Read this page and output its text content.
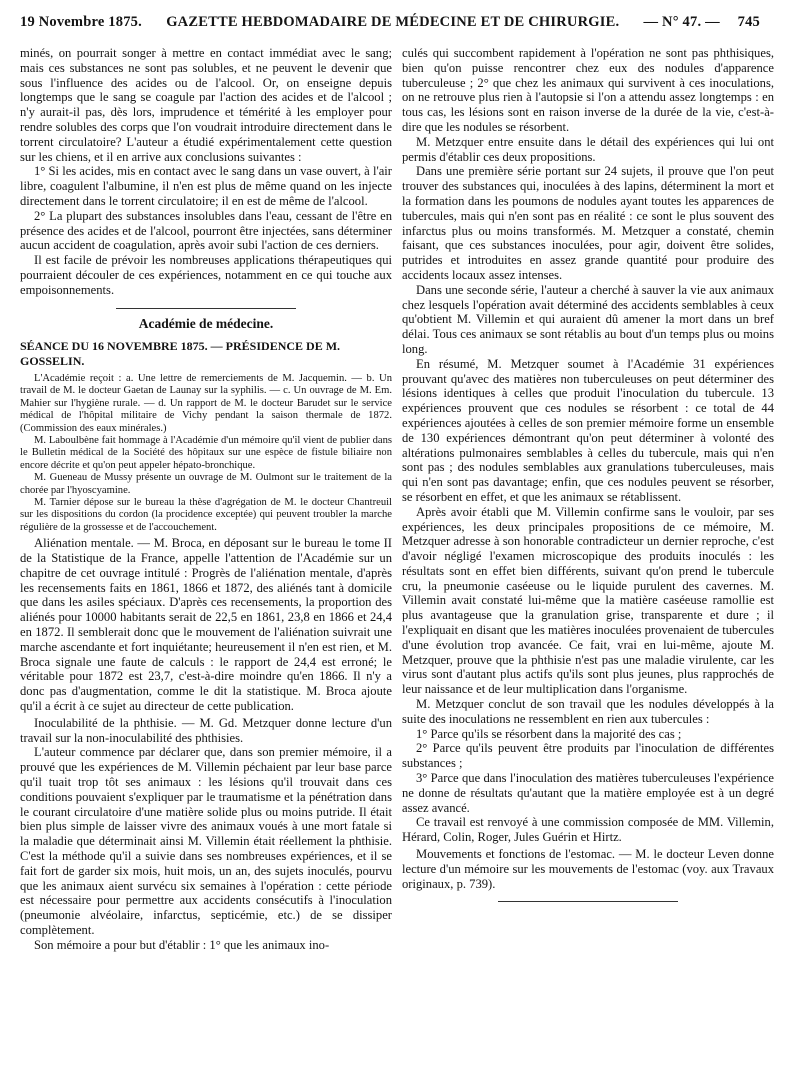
19 Novembre 1875. GAZETTE HEBDOMADAIRE DE MÉDECINE ET DE CHIRURGIE. — N° 47. — 745

minés, on pourrait songer à mettre en contact immédiat avec le sang; mais ces substances ne sont pas solubles, et ne peuvent le devenir que sous l'influence des acides ou de l'alcool. Or, on enseigne depuis longtemps que le sang se coagule par l'action des acides et de l'alcool ; n'y aurait-il pas, dès lors, imprudence et témérité à les employer pour rendre solubles des corps que l'on voudrait introduire directement dans le torrent circulatoire? L'auteur a étudié expérimentalement cette question sur les chiens, et il en arrive aux conclusions suivantes :

1° Si les acides, mis en contact avec le sang dans un vase ouvert, à l'air libre, coagulent l'albumine, il n'en est plus de même quand on les injecte directement dans le torrent circulatoire; il en est de même de l'alcool.

2° La plupart des substances insolubles dans l'eau, cessant de l'être en présence des acides et de l'alcool, pourront être injectées, sans déterminer aucun accident de coagulation, après avoir subi l'action de ces derniers.

Il est facile de prévoir les nombreuses applications thérapeutiques qui pourraient découler de ces expériences, notamment en ce qui touche aux empoisonnements.

Académie de médecine.

SÉANCE DU 16 NOVEMBRE 1875. — PRÉSIDENCE DE M. GOSSELIN.

L'Académie reçoit : a. Une lettre de remerciements de M. Jacquemin. — b. Un travail de M. le docteur Gaetan de Launay sur la syphilis. — c. Un ouvrage de M. Em. Mahier sur l'hygiène rurale. — d. Un rapport de M. le docteur Barudet sur le service médical de l'hôpital militaire de Vichy pendant la saison thermale de 1872. (Commission des eaux minérales.)

M. Laboulbène fait hommage à l'Académie d'un mémoire qu'il vient de publier dans le Bulletin médical de la Société des hôpitaux sur une espèce de fistule biliaire non encore décrite et qu'on peut appeler hépato-bronchique.

M. Gueneau de Mussy présente un ouvrage de M. Oulmont sur le traitement de la chorée par l'hyoscyamine.

M. Tarnier dépose sur le bureau la thèse d'agrégation de M. le docteur Chantreuil sur les dispositions du cordon (la procidence exceptée) qui peuvent troubler la marche régulière de la grossesse et de l'accouchement.

Aliénation mentale. — M. Broca, en déposant sur le bureau le tome II de la Statistique de la France, appelle l'attention de l'Académie sur un chapitre de cet ouvrage intitulé : Progrès de l'aliénation mentale, d'après les recensements faits en 1861, 1866 et 1872, des aliénés tant à domicile que dans les asiles spéciaux. D'après ces recensements, la proportion des aliénés pour 10000 habitants serait de 22,5 en 1861, 23,8 en 1866 et 24,4 en 1872. Il semblerait donc que le mouvement de l'aliénation suivrait une marche ascendante et fort inquiétante; heureusement il n'en est rien, et M. Broca signale une faute de calculs : le rapport de 24,4 est erroné; le véritable pour 1872 est 23,7, c'est-à-dire moindre qu'en 1866. Il n'y a donc pas d'augmentation, comme le dit la statistique. M. Broca ajoute qu'il a écrit à ce sujet au directeur de cette publication.

Inoculabilité de la phthisie. — M. Gd. Metzquer donne lecture d'un travail sur la non-inoculabilité des phthisies.

L'auteur commence par déclarer que, dans son premier mémoire, il a prouvé que les expériences de M. Villemin péchaient par leur base parce qu'il tuait trop tôt ses animaux : les lésions qu'il trouvait dans ces conditions pouvaient s'expliquer par le traumatisme et la pénétration dans le courant circulatoire d'une matière solide plus ou moins putride. Il était bien plus simple de laisser vivre des animaux voués à une mort fatale si la maladie que déterminait ainsi M. Villemin était réellement la phthisie. C'est la méthode qu'il a suivie dans ses nombreuses expériences, et il se fait fort de garder six mois, huit mois, un an, des sujets inoculés, pourvu que les animaux aient survécu six semaines à l'opération : cette période est nécessaire pour permettre aux accidents consécutifs à l'inoculation (pneumonie alvéolaire, infarctus, septicémie, etc.) de se dissiper complètement.

Son mémoire a pour but d'établir : 1° que les animaux ino-

culés qui succombent rapidement à l'opération ne sont pas phthisiques, bien qu'on puisse rencontrer chez eux des nodules d'apparence tuberculeuse ; 2° que chez les animaux qui survivent à ces inoculations, on ne retrouve plus rien à l'autopsie si l'on a attendu assez longtemps : en tous cas, les lésions sont en raison inverse de la durée de la vie, c'est-à-dire que les nodules se résorbent.

M. Metzquer entre ensuite dans le détail des expériences qui lui ont permis d'établir ces deux propositions.

Dans une première série portant sur 24 sujets, il prouve que l'on peut trouver des substances qui, inoculées à des lapins, déterminent la mort et la formation dans les poumons de nodules ayant toutes les apparences de tubercules, mais qui n'en sont pas en réalité : ce sont le plus souvent des infarctus plus ou moins transformés. M. Metzquer a constaté, chemin faisant, que ces substances inoculées, pour agir, doivent être solides, putrides et introduites en assez grande quantité pour produire des accidents locaux assez intenses.

Dans une seconde série, l'auteur a cherché à sauver la vie aux animaux chez lesquels l'opération avait déterminé des accidents semblables à ceux qu'obtient M. Villemin et qui auraient dû amener la mort dans un bref délai. Tous ces animaux se sont rétablis au bout d'un temps plus ou moins long.

En résumé, M. Metzquer soumet à l'Académie 31 expériences prouvant qu'avec des matières non tuberculeuses on peut déterminer des lésions identiques à celles que produit l'inoculation du tubercule. 13 expériences prouvent que ces nodules se résorbent : ce total de 44 expériences ajoutées à celles de son premier mémoire forme un ensemble de 130 expériences démontrant qu'on peut déterminer à volonté des altérations pulmonaires semblables à celles du tubercule, mais qui n'en sont pas ; des nodules semblables aux granulations tuberculeuses, mais qui n'en sont pas davantage; enfin, que ces nodules peuvent se résorber, se résorbent en effet, et que les animaux se rétablissent.

Après avoir établi que M. Villemin confirme sans le vouloir, par ses expériences, les deux principales propositions de ce mémoire, M. Metzquer adresse à son honorable contradicteur un dernier reproche, c'est d'avoir négligé l'examen microscopique des produits inoculés : les résultats sont en effet bien différents, suivant qu'on prend le tubercule cru, la pneumonie caséeuse ou le liquide purulent des cavernes. M. Villemin avait constaté lui-même que la matière caséeuse ramollie est plus avantageuse que la granulation grise, transparente et dure ; il l'expliquait en disant que les matières inoculées provenaient de tubercules d'une évolution trop avancée. Ce fait, vrai en lui-même, ajoute M. Metzquer, prouve que la phthisie n'est pas une maladie virulente, car les virus sont d'autant plus actifs qu'ils sont plus jeunes, plus rapprochés de leur naissance et de leur multiplication dans l'organisme.

M. Metzquer conclut de son travail que les nodules développés à la suite des inoculations ne ressemblent en rien aux tubercules :

1° Parce qu'ils se résorbent dans la majorité des cas ;

2° Parce qu'ils peuvent être produits par l'inoculation de différentes substances ;

3° Parce que dans l'inoculation des matières tuberculeuses l'expérience ne donne de résultats qu'autant que la matière employée est à un degré assez avancé.

Ce travail est renvoyé à une commission composée de MM. Villemin, Hérard, Colin, Roger, Jules Guérin et Hirtz.

Mouvements et fonctions de l'estomac. — M. le docteur Leven donne lecture d'un mémoire sur les mouvements de l'estomac (voy. aux Travaux originaux, p. 739).
